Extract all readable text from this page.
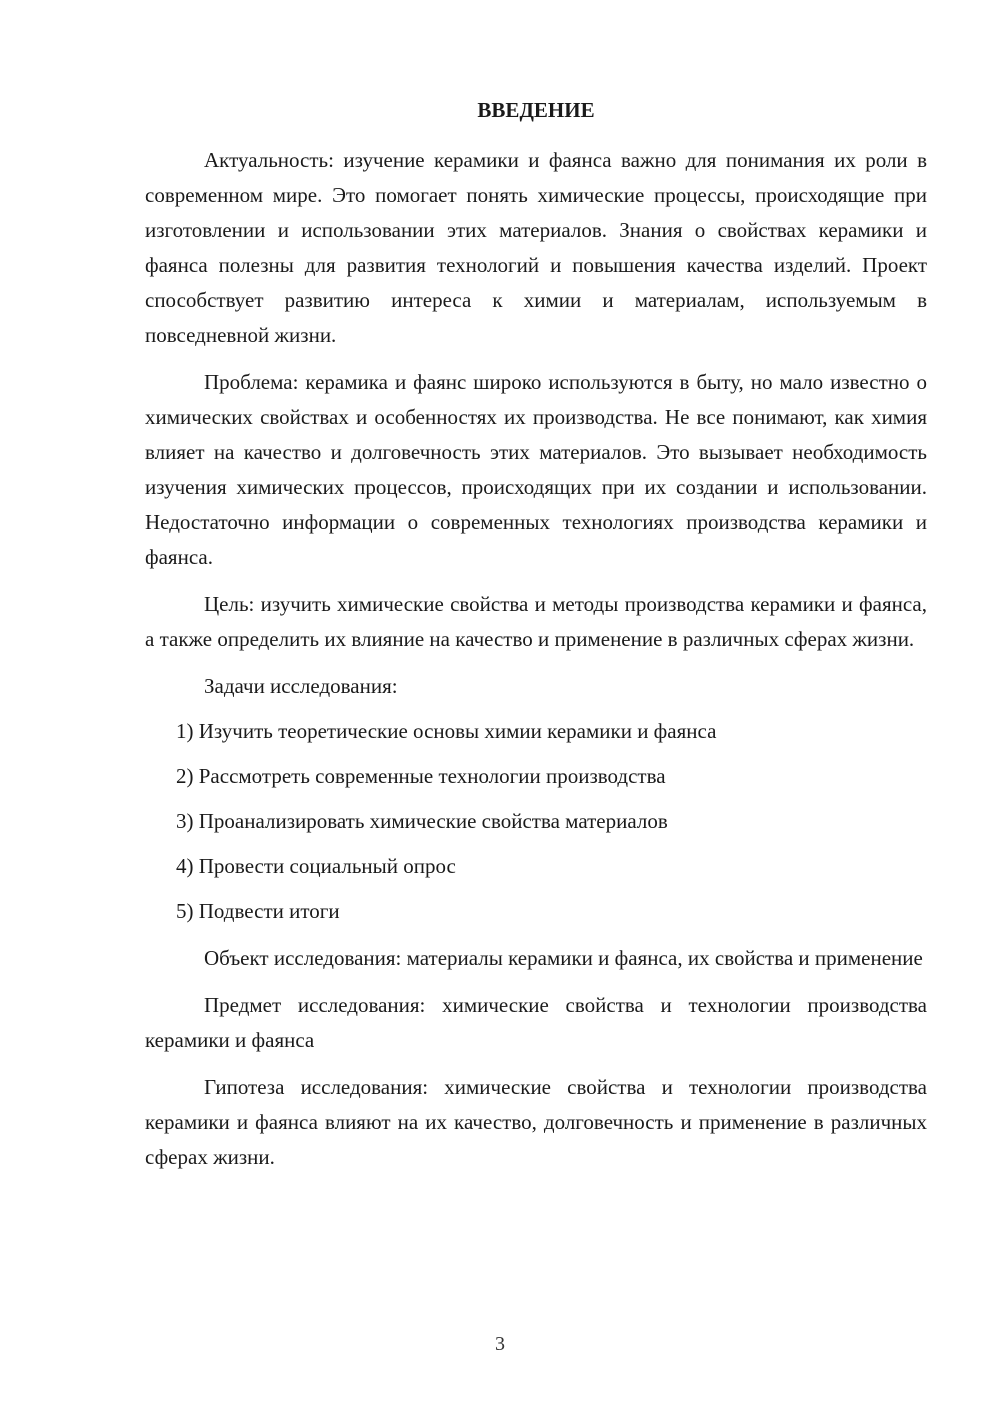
ВВЕДЕНИЕ

Актуальность: изучение керамики и фаянса важно для понимания их роли в современном мире. Это помогает понять химические процессы, происходящие при изготовлении и использовании этих материалов. Знания о свойствах керамики и фаянса полезны для развития технологий и повышения качества изделий. Проект способствует развитию интереса к химии и материалам, используемым в повседневной жизни.

Проблема: керамика и фаянс широко используются в быту, но мало известно о химических свойствах и особенностях их производства. Не все понимают, как химия влияет на качество и долговечность этих материалов. Это вызывает необходимость изучения химических процессов, происходящих при их создании и использовании. Недостаточно информации о современных технологиях производства керамики и фаянса.

Цель: изучить химические свойства и методы производства керамики и фаянса, а также определить их влияние на качество и применение в различных сферах жизни.

Задачи исследования:

1) Изучить теоретические основы химии керамики и фаянса
2) Рассмотреть современные технологии производства
3) Проанализировать химические свойства материалов
4) Провести социальный опрос
5) Подвести итоги

Объект исследования: материалы керамики и фаянса, их свойства и применение

Предмет исследования: химические свойства и технологии производства керамики и фаянса

Гипотеза исследования: химические свойства и технологии производства керамики и фаянса влияют на их качество, долговечность и применение в различных сферах жизни.

3
